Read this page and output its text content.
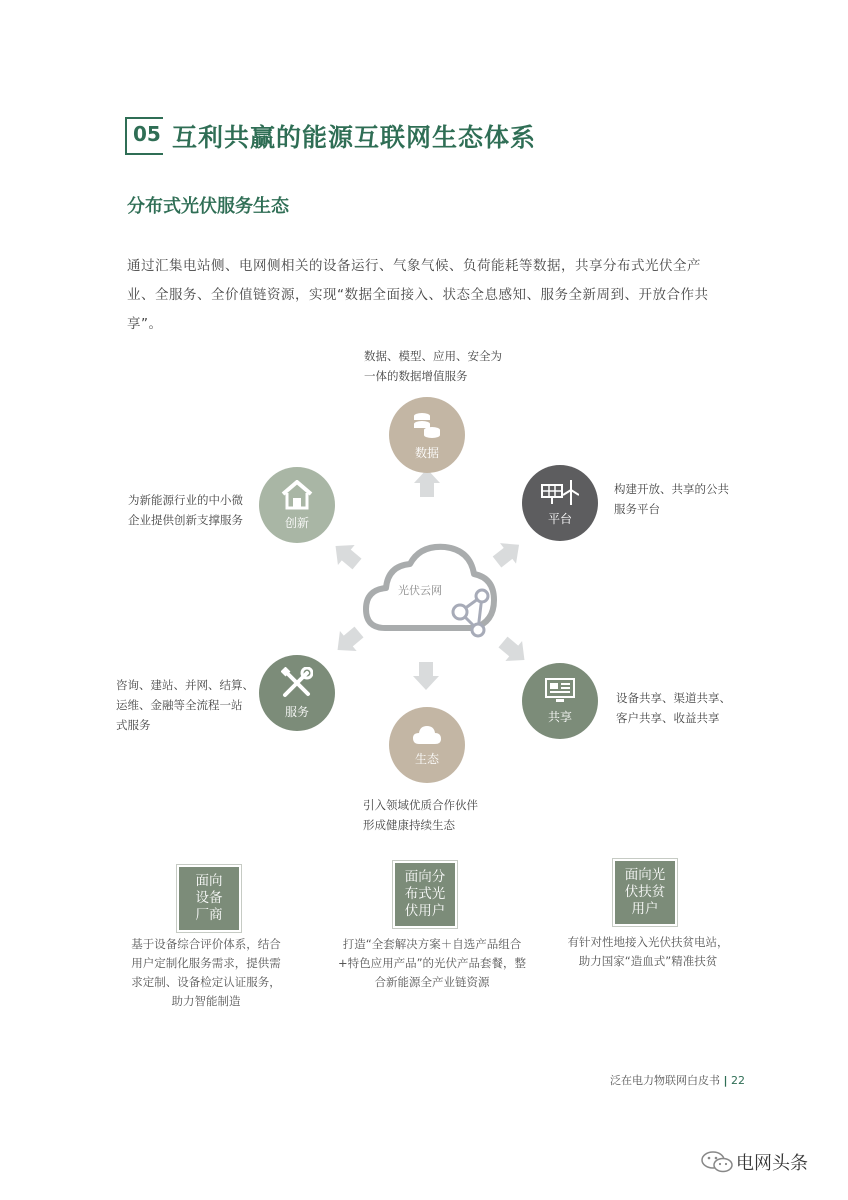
05 互利共赢的能源互联网生态体系
分布式光伏服务生态
通过汇集电站侧、电网侧相关的设备运行、气象气候、负荷能耗等数据，共享分布式光伏全产
业、全服务、全价值链资源，实现“数据全面接入、状态全息感知、服务全新周到、开放合作共
享”。
光伏云网
数据
平台
共享
生态
服务
创新
数据、模型、应用、安全为
一体的数据增值服务
构建开放、共享的公共
服务平台
设备共享、渠道共享、
客户共享、收益共享
引入领域优质合作伙伴
形成健康持续生态
咨询、建站、并网、结算、
运维、金融等全流程一站
式服务
为新能源行业的中小微
企业提供创新支撑服务
面向
设备
厂商
面向分
布式光
伏用户
面向光
伏扶贫
用户
基于设备综合评价体系，结合
用户定制化服务需求，提供需
求定制、设备检定认证服务，
助力智能制造
打造“全套解决方案＋自选产品组合
+特色应用产品”的光伏产品套餐，整
合新能源全产业链资源
有针对性地接入光伏扶贫电站，
助力国家“造血式”精准扶贫
泛在电力物联网白皮书 | 22
电网头条
